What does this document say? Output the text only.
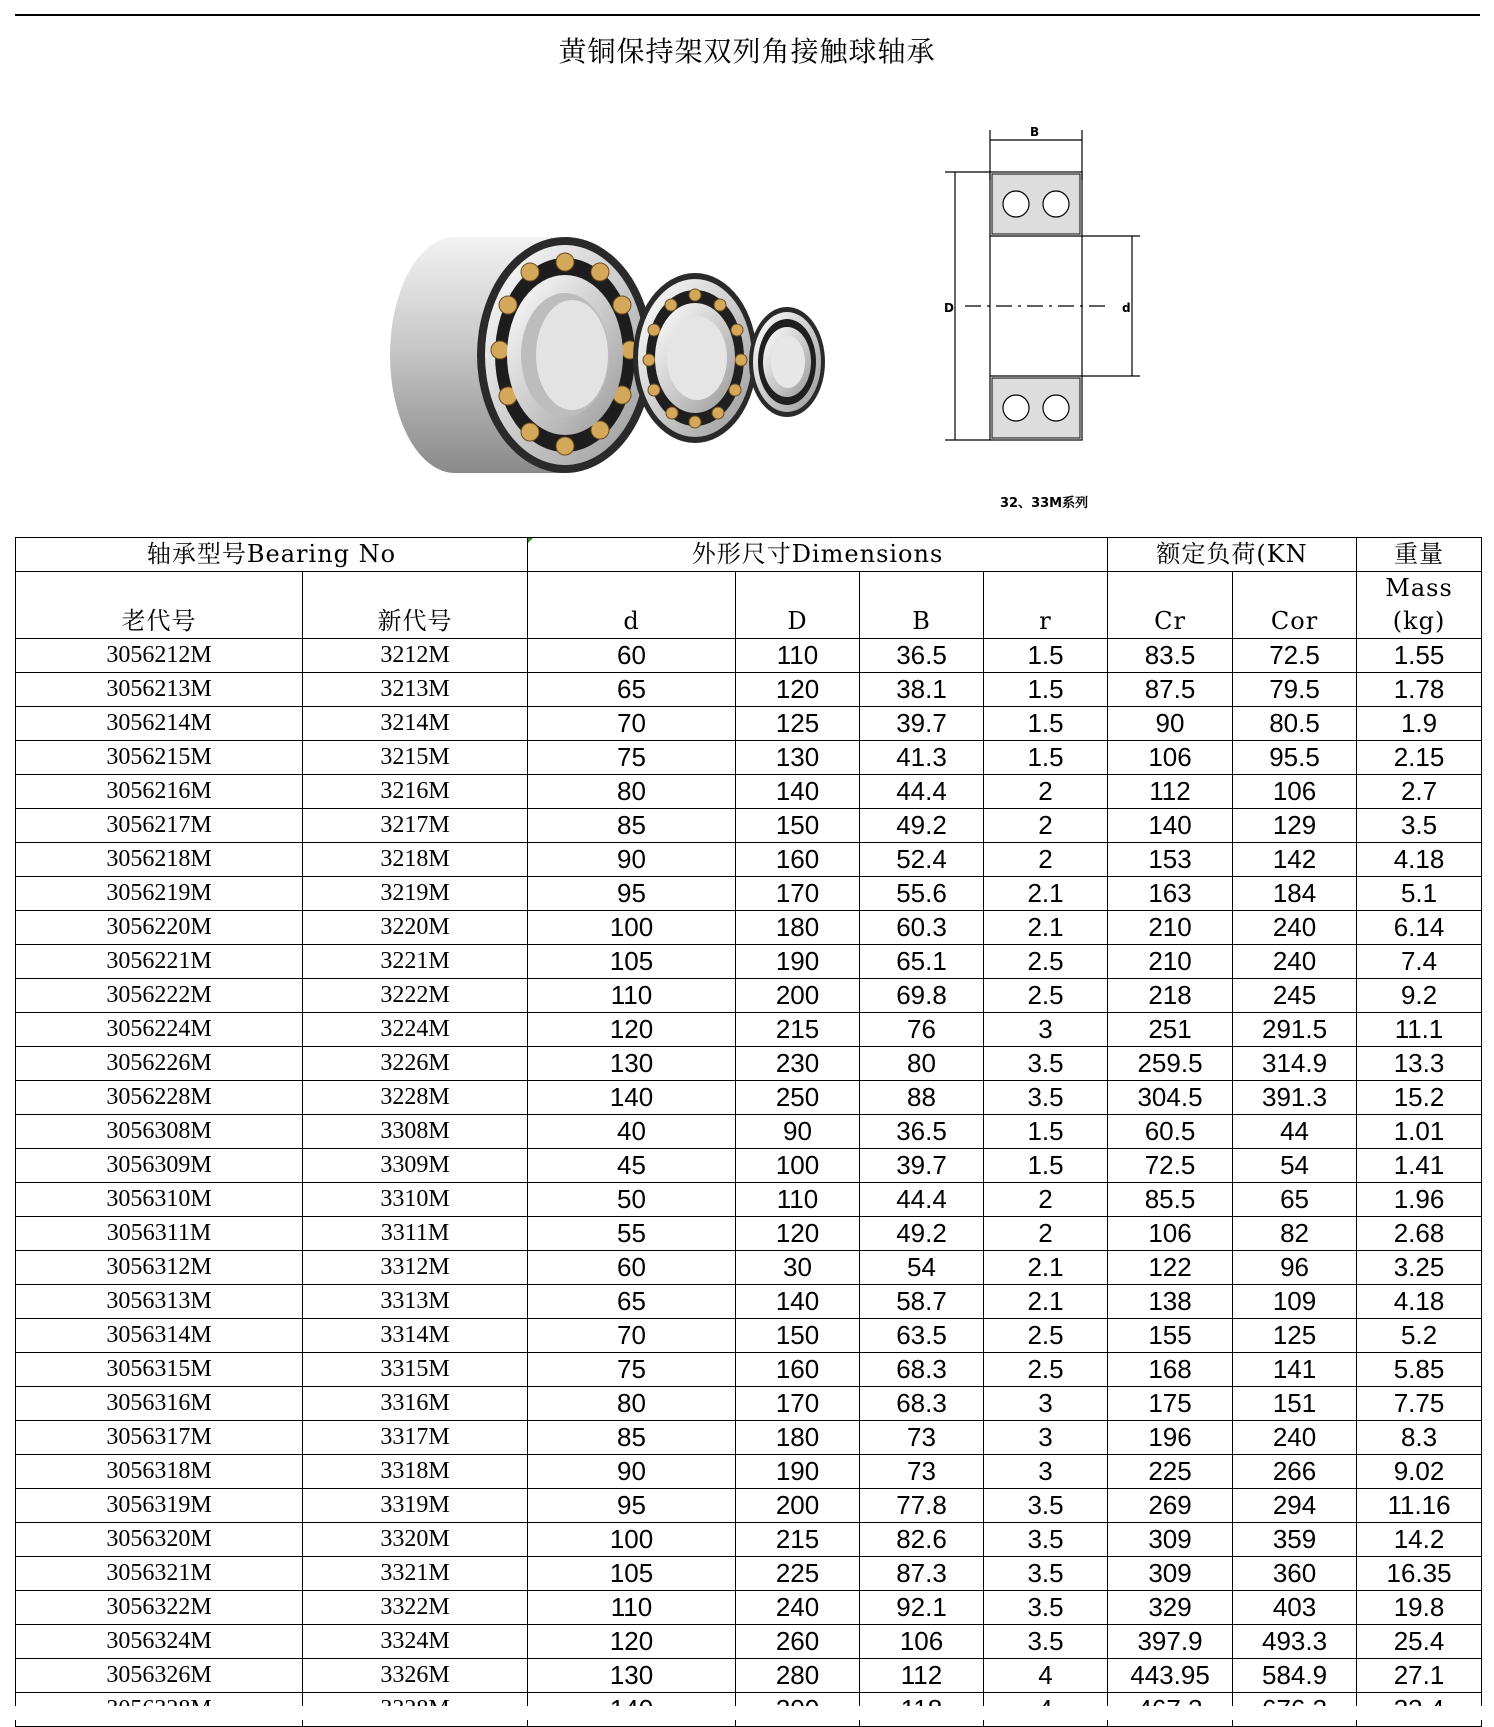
黄铜保持架双列角接触球轴承
B
D	d
32、33M系列
轴承型号Bearing No		外形尺寸Dimensions				额定负荷(KN		重量
老代号	新代号	d	D	B	r	Cr	Cor	Mass
(kg)

3056212M	3212M	60	110	36.5	1.5	83.5	72.5	1.55
3056213M	3213M	65	120	38.1	1.5	87.5	79.5	1.78
3056214M	3214M	70	125	39.7	1.5	90	80.5	1.9
3056215M	3215M	75	130	41.3	1.5	106	95.5	2.15
3056216M	3216M	80	140	44.4	2	112	106	2.7
3056217M	3217M	85	150	49.2	2	140	129	3.5
3056218M	3218M	90	160	52.4	2	153	142	4.18
3056219M	3219M	95	170	55.6	2.1	163	184	5.1
3056220M	3220M	100	180	60.3	2.1	210	240	6.14
3056221M	3221M	105	190	65.1	2.5	210	240	7.4
3056222M	3222M	110	200	69.8	2.5	218	245	9.2
3056224M	3224M	120	215	76	3	251	291.5	11.1
3056226M	3226M	130	230	80	3.5	259.5	314.9	13.3
3056228M	3228M	140	250	88	3.5	304.5	391.3	15.2
3056308M	3308M	40	90	36.5	1.5	60.5	44	1.01
3056309M	3309M	45	100	39.7	1.5	72.5	54	1.41
3056310M	3310M	50	110	44.4	2	85.5	65	1.96
3056311M	3311M	55	120	49.2	2	106	82	2.68
3056312M	3312M	60	30	54	2.1	122	96	3.25
3056313M	3313M	65	140	58.7	2.1	138	109	4.18
3056314M	3314M	70	150	63.5	2.5	155	125	5.2
3056315M	3315M	75	160	68.3	2.5	168	141	5.85
3056316M	3316M	80	170	68.3	3	175	151	7.75
3056317M	3317M	85	180	73	3	196	240	8.3
3056318M	3318M	90	190	73	3	225	266	9.02
3056319M	3319M	95	200	77.8	3.5	269	294	11.16
3056320M	3320M	100	215	82.6	3.5	309	359	14.2
3056321M	3321M	105	225	87.3	3.5	309	360	16.35
3056322M	3322M	110	240	92.1	3.5	329	403	19.8
3056324M	3324M	120	260	106	3.5	397.9	493.3	25.4
3056326M	3326M	130	280	112	4	443.95	584.9	27.1
